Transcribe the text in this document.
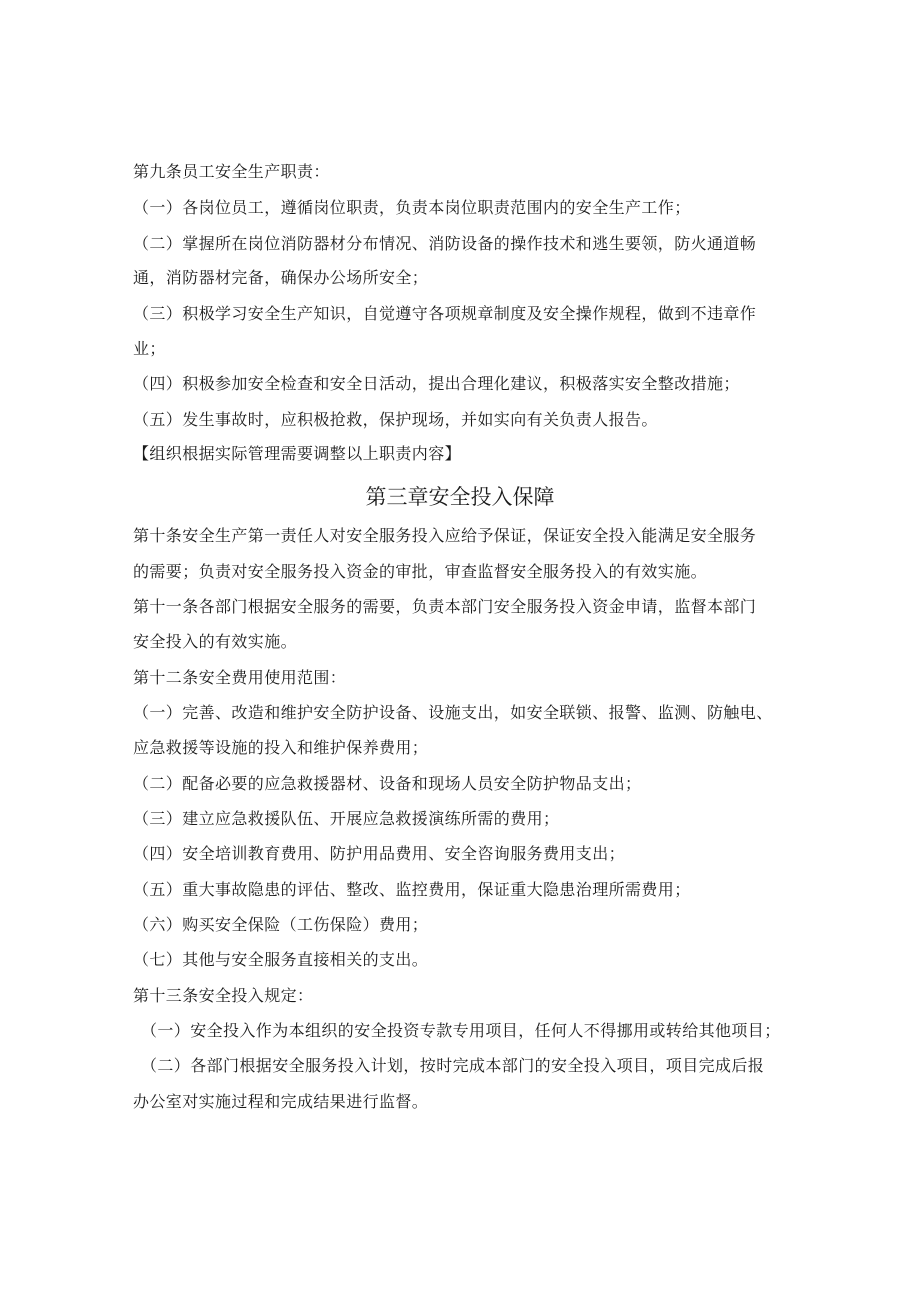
第九条员工安全生产职责：
（一）各岗位员工，遵循岗位职责，负责本岗位职责范围内的安全生产工作；
（二）掌握所在岗位消防器材分布情况、消防设备的操作技术和逃生要领，防火通道畅
通，消防器材完备，确保办公场所安全；
（三）积极学习安全生产知识，自觉遵守各项规章制度及安全操作规程，做到不违章作
业；
（四）积极参加安全检查和安全日活动，提出合理化建议，积极落实安全整改措施；
（五）发生事故时，应积极抢救，保护现场，并如实向有关负责人报告。
【组织根据实际管理需要调整以上职责内容】
第三章安全投入保障
第十条安全生产第一责任人对安全服务投入应给予保证，保证安全投入能满足安全服务
的需要；负责对安全服务投入资金的审批，审查监督安全服务投入的有效实施。
第十一条各部门根据安全服务的需要，负责本部门安全服务投入资金申请，监督本部门
安全投入的有效实施。
第十二条安全费用使用范围：
（一）完善、改造和维护安全防护设备、设施支出，如安全联锁、报警、监测、防触电、
应急救援等设施的投入和维护保养费用；
（二）配备必要的应急救援器材、设备和现场人员安全防护物品支出；
（三）建立应急救援队伍、开展应急救援演练所需的费用；
（四）安全培训教育费用、防护用品费用、安全咨询服务费用支出；
（五）重大事故隐患的评估、整改、监控费用，保证重大隐患治理所需费用；
（六）购买安全保险（工伤保险）费用；
（七）其他与安全服务直接相关的支出。
第十三条安全投入规定：
（一）安全投入作为本组织的安全投资专款专用项目，任何人不得挪用或转给其他项目；
（二）各部门根据安全服务投入计划，按时完成本部门的安全投入项目，项目完成后报
办公室对实施过程和完成结果进行监督。
